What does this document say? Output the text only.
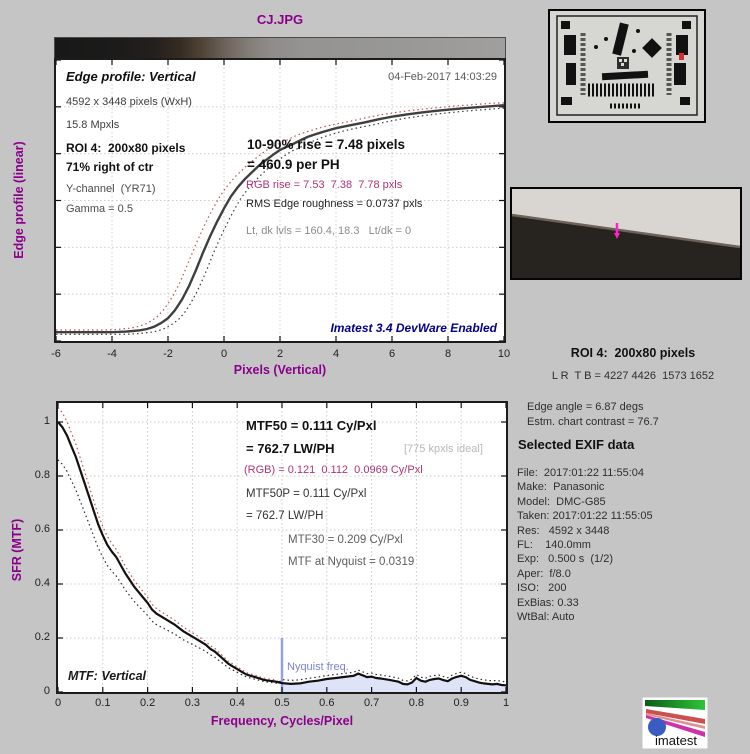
CJ.JPG
Edge profile: Vertical	04-Feb-2017 14:03:29
4592 x 3448 pixels (WxH)
15.8 Mpxls
ROI 4:  200x80 pixels
71% right of ctr
Y-channel  (YR71)
Gamma = 0.5
10-90% rise = 7.48 pixels
= 460.9 per PH
RGB rise = 7.53  7.38  7.78 pxls
RMS Edge roughness = 0.0737 pxls
Lt, dk lvls = 160.4, 18.3   Lt/dk = 0
Imatest 3.4 DevWare Enabled
-6	-4	-2	0	2	4	6	8	10
Pixels (Vertical)
Edge profile (linear)
MTF50 = 0.111 Cy/Pxl
= 762.7 LW/PH	[775 kpxls ideal]
(RGB) = 0.121  0.112  0.0969 Cy/Pxl
MTF50P = 0.111 Cy/Pxl
= 762.7 LW/PH
MTF30 = 0.209 Cy/Pxl
MTF at Nyquist = 0.0319
MTF: Vertical
Nyquist freq.
0	0.1	0.2	0.3	0.4	0.5	0.6	0.7	0.8	0.9	1
0
0.2
0.4
0.6
0.8
1
Frequency, Cycles/Pixel
SFR (MTF)
ROI 4:  200x80 pixels
L R  T B = 4227 4426  1573 1652
Edge angle = 6.87 degs
Estm. chart contrast = 76.7
Selected EXIF data
File:  2017:01:22 11:55:04
Make:  Panasonic
Model:  DMC-G85
Taken: 2017:01:22 11:55:05
Res:   4592 x 3448
FL:    140.0mm
Exp:   0.500 s  (1/2)
Aper:  f/8.0
ISO:   200
ExBias: 0.33
WtBal: Auto
imatest
